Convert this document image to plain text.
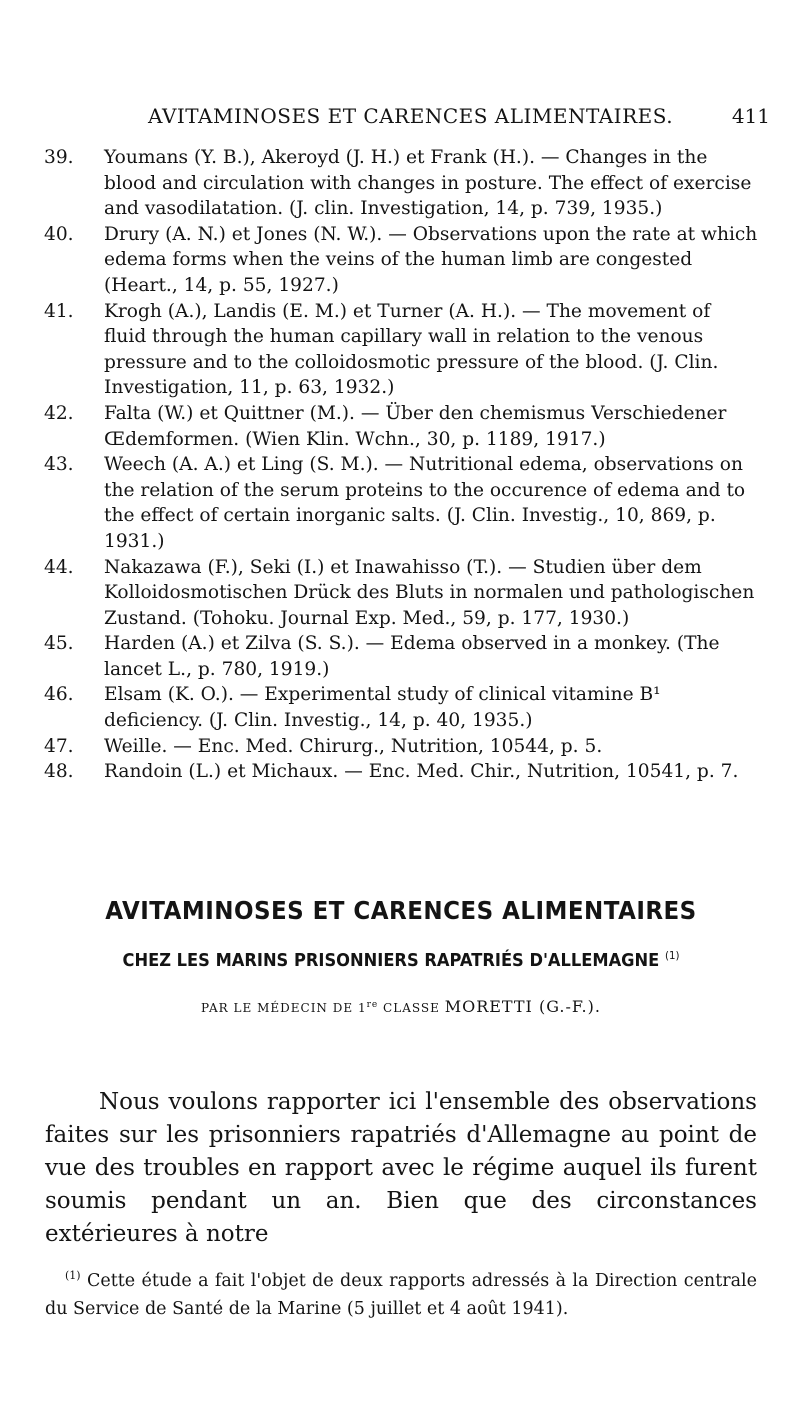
AVITAMINOSES ET CARENCES ALIMENTAIRES.	411
39. Youmans (Y. B.), Akeroyd (J. H.) et Frank (H.). — Changes in the blood and circulation with changes in posture. The effect of exercise and vasodilatation. (J. clin. Investigation, 14, p. 739, 1935.)
40. Drury (A. N.) et Jones (N. W.). — Observations upon the rate at which edema forms when the veins of the human limb are congested (Heart., 14, p. 55, 1927.)
41. Krogh (A.), Landis (E. M.) et Turner (A. H.). — The movement of fluid through the human capillary wall in relation to the venous pressure and to the colloidosmotic pressure of the blood. (J. Clin. Investigation, 11, p. 63, 1932.)
42. Falta (W.) et Quittner (M.). — Über den chemismus Verschiedener Œdemformen. (Wien Klin. Wchn., 30, p. 1189, 1917.)
43. Weech (A. A.) et Ling (S. M.). — Nutritional edema, observations on the relation of the serum proteins to the occurence of edema and to the effect of certain inorganic salts. (J. Clin. Investig., 10, 869, p. 1931.)
44. Nakazawa (F.), Seki (I.) et Inawahisso (T.). — Studien über dem Kolloidosmotischen Drück des Bluts in normalen und pathologischen Zustand. (Tohoku. Journal Exp. Med., 59, p. 177, 1930.)
45. Harden (A.) et Zilva (S. S.). — Edema observed in a monkey. (The lancet L., p. 780, 1919.)
46. Elsam (K. O.). — Experimental study of clinical vitamine B¹ deficiency. (J. Clin. Investig., 14, p. 40, 1935.)
47. Weille. — Enc. Med. Chirurg., Nutrition, 10544, p. 5.
48. Randoin (L.) et Michaux. — Enc. Med. Chir., Nutrition, 10541, p. 7.
AVITAMINOSES ET CARENCES ALIMENTAIRES
CHEZ LES MARINS PRISONNIERS RAPATRIÉS D'ALLEMAGNE $^{(1)}$
PAR LE MÉDECIN DE 1re CLASSE MORETTI (G.-F.).
Nous voulons rapporter ici l'ensemble des observations faites sur les prisonniers rapatriés d'Allemagne au point de vue des troubles en rapport avec le régime auquel ils furent soumis pendant un an. Bien que des circonstances extérieures à notre
$^{(1)}$ Cette étude a fait l'objet de deux rapports adressés à la Direction centrale du Service de Santé de la Marine (5 juillet et 4 août 1941).
